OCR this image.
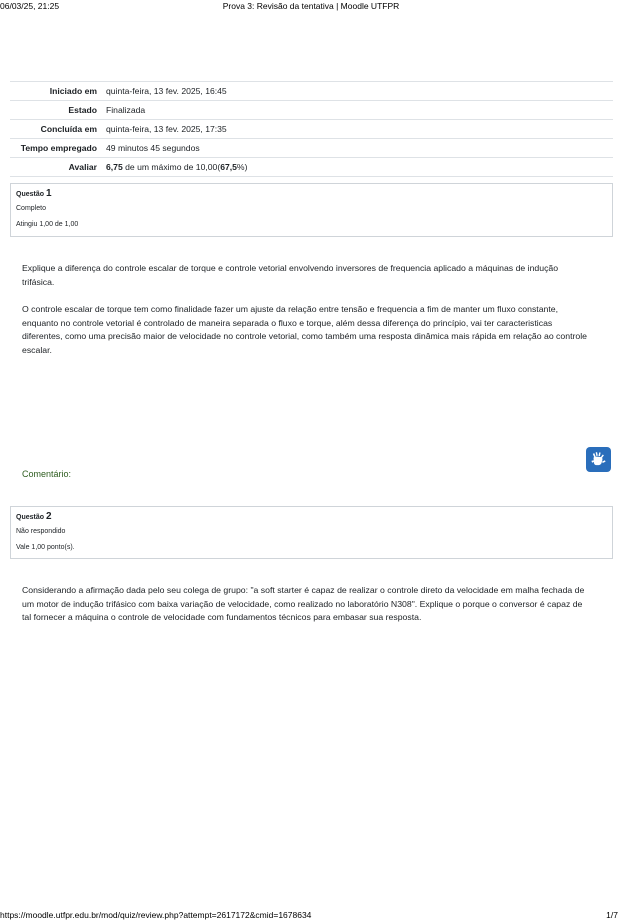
06/03/25, 21:25	Prova 3: Revisão da tentativa | Moodle UTFPR
Iniciado em	quinta-feira, 13 fev. 2025, 16:45
Estado	Finalizada
Concluída em	quinta-feira, 13 fev. 2025, 17:35
Tempo empregado	49 minutos 45 segundos
Avaliar	6,75 de um máximo de 10,00(67,5%)
Questão 1
Completo
Atingiu 1,00 de 1,00
Explique a diferença do controle escalar de torque e controle vetorial envolvendo inversores de frequencia aplicado a máquinas de indução trifásica.
O controle escalar de torque tem como finalidade fazer um ajuste da relação entre tensão e frequencia a fim de manter um fluxo constante, enquanto no controle vetorial é controlado de maneira separada o fluxo e torque, além dessa diferença do princípio, vai ter caracteristicas diferentes, como uma precisão maior de velocidade no controle vetorial, como também uma resposta dinâmica mais rápida em relação ao controle escalar.
Comentário:
Questão 2
Não respondido
Vale 1,00 ponto(s).
Considerando a afirmação dada pelo seu colega de grupo: "a soft starter é capaz de realizar o controle direto da velocidade em malha fechada de um motor de indução trifásico com baixa variação de velocidade, como realizado no laboratório N308". Explique o porque o conversor é capaz de tal fornecer a máquina o controle de velocidade com fundamentos técnicos para embasar sua resposta.
https://moodle.utfpr.edu.br/mod/quiz/review.php?attempt=2617172&cmid=1678634	1/7
